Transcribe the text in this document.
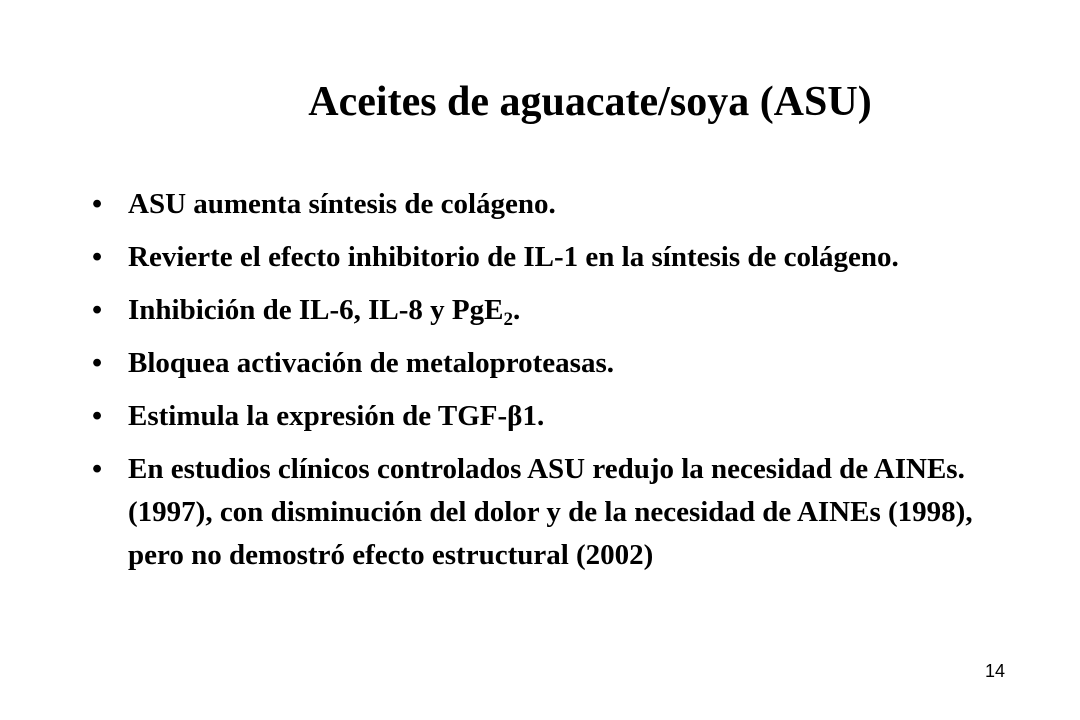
Aceites de aguacate/soya (ASU)
• ASU aumenta síntesis de colágeno.
• Revierte el efecto inhibitorio de IL-1 en la síntesis de colágeno.
• Inhibición de IL-6, IL-8 y PgE$_2$.
• Bloquea activación de metaloproteasas.
• Estimula la expresión de TGF-β1.
• En estudios clínicos controlados ASU redujo la necesidad de AINEs. (1997), con disminución del dolor y de la necesidad de AINEs (1998), pero no demostró efecto estructural (2002)
14
